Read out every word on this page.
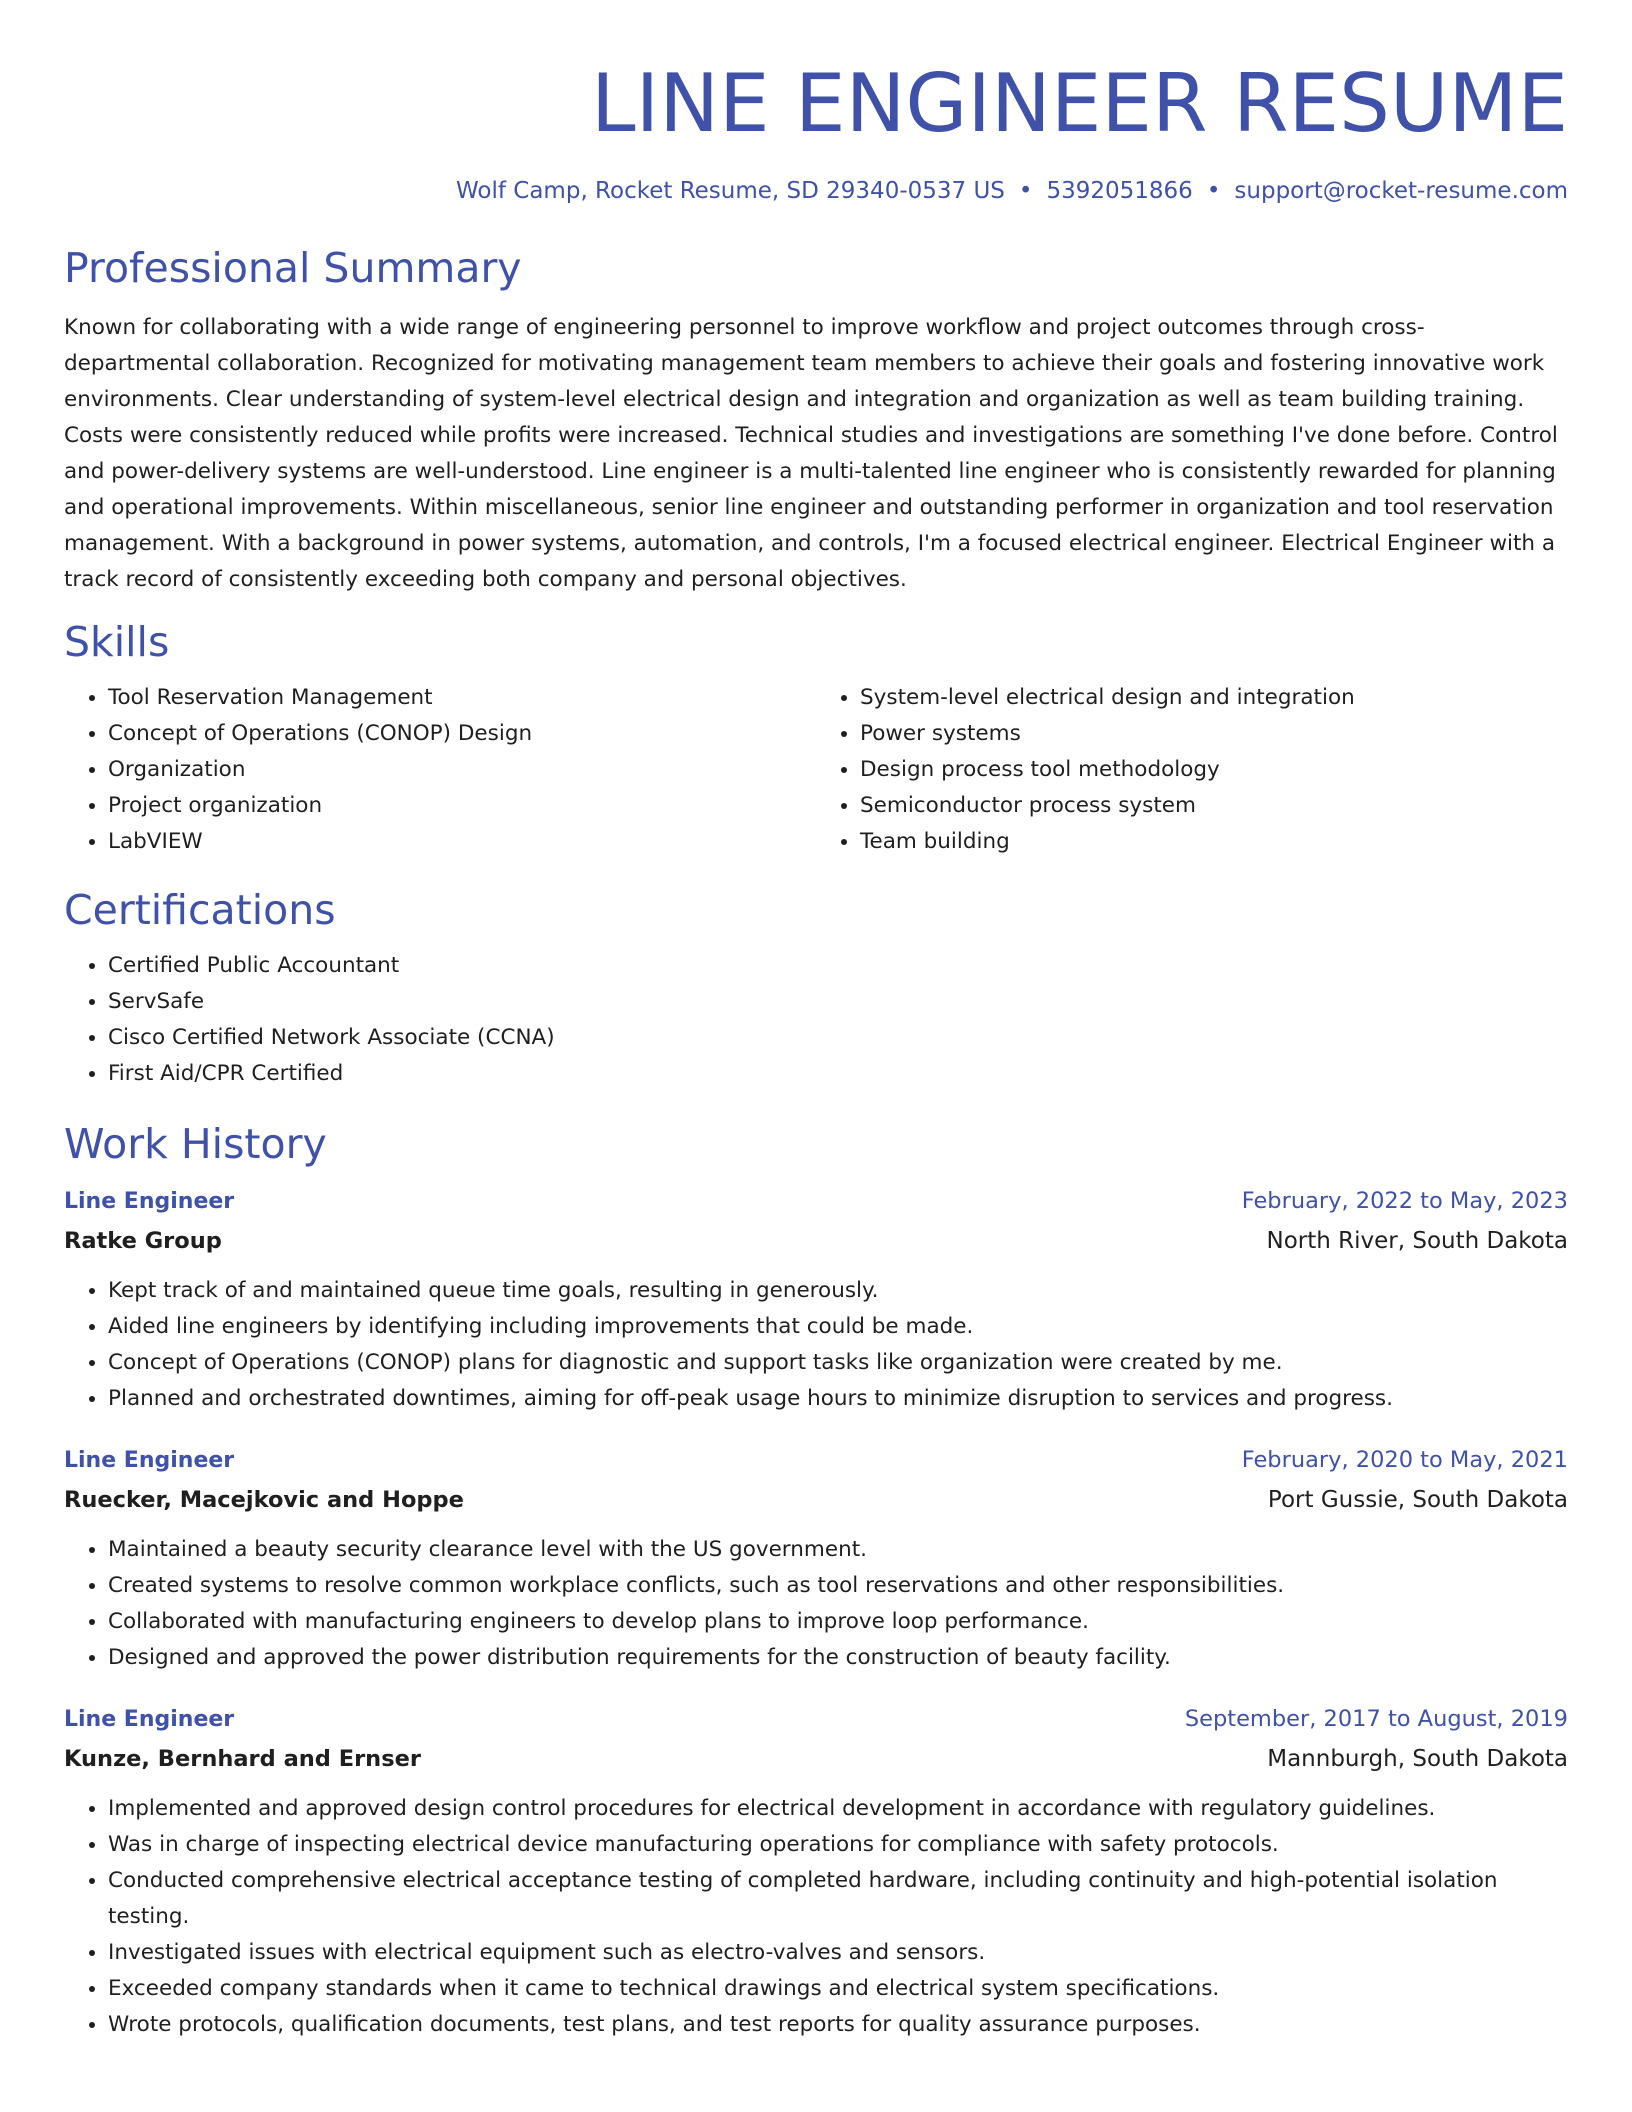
LINE ENGINEER RESUME
Wolf Camp, Rocket Resume, SD 29340-0537 US • 5392051866 • support@rocket-resume.com
Professional Summary

Known for collaborating with a wide range of engineering personnel to improve workflow and project outcomes through cross-departmental collaboration. Recognized for motivating management team members to achieve their goals and fostering innovative work environments. Clear understanding of system-level electrical design and integration and organization as well as team building training. Costs were consistently reduced while profits were increased. Technical studies and investigations are something I've done before. Control and power-delivery systems are well-understood. Line engineer is a multi-talented line engineer who is consistently rewarded for planning and operational improvements. Within miscellaneous, senior line engineer and outstanding performer in organization and tool reservation management. With a background in power systems, automation, and controls, I'm a focused electrical engineer. Electrical Engineer with a track record of consistently exceeding both company and personal objectives.

Skills
• Tool Reservation Management
• Concept of Operations (CONOP) Design
• Organization
• Project organization
• LabVIEW
• System-level electrical design and integration
• Power systems
• Design process tool methodology
• Semiconductor process system
• Team building
Certifications
• Certified Public Accountant
• ServSafe
• Cisco Certified Network Associate (CCNA)
• First Aid/CPR Certified
Work History
Line Engineer	February, 2022 to May, 2023
Ratke Group	North River, South Dakota
• Kept track of and maintained queue time goals, resulting in generously.
• Aided line engineers by identifying including improvements that could be made.
• Concept of Operations (CONOP) plans for diagnostic and support tasks like organization were created by me.
• Planned and orchestrated downtimes, aiming for off-peak usage hours to minimize disruption to services and progress.
Line Engineer	February, 2020 to May, 2021
Ruecker, Macejkovic and Hoppe	Port Gussie, South Dakota
• Maintained a beauty security clearance level with the US government.
• Created systems to resolve common workplace conflicts, such as tool reservations and other responsibilities.
• Collaborated with manufacturing engineers to develop plans to improve loop performance.
• Designed and approved the power distribution requirements for the construction of beauty facility.
Line Engineer	September, 2017 to August, 2019
Kunze, Bernhard and Ernser	Mannburgh, South Dakota
• Implemented and approved design control procedures for electrical development in accordance with regulatory guidelines.
• Was in charge of inspecting electrical device manufacturing operations for compliance with safety protocols.
• Conducted comprehensive electrical acceptance testing of completed hardware, including continuity and high-potential isolation testing.
• Investigated issues with electrical equipment such as electro-valves and sensors.
• Exceeded company standards when it came to technical drawings and electrical system specifications.
• Wrote protocols, qualification documents, test plans, and test reports for quality assurance purposes.
